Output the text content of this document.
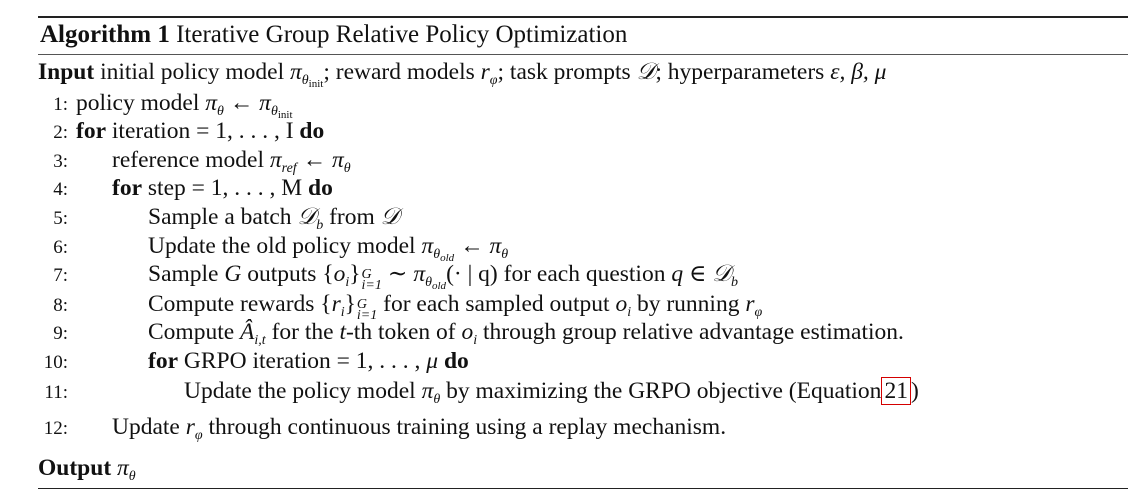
Algorithm 1 Iterative Group Relative Policy Optimization
Input initial policy model $\pi_{\theta_{init}}$; reward models $r_\varphi$; task prompts 𝒟; hyperparameters ε, β, μ
1: policy model $\pi_\theta$ ← $\pi_{\theta_{init}}$
2: for iteration = 1, . . . , I do
3: reference model $\pi_{ref}$ ← $\pi_\theta$
4: for step = 1, . . . , M do
5:	Sample a batch 𝒟$_b$ from 𝒟
6:	Update the old policy model $\pi_{\theta_{old}}$ ← $\pi_\theta$
7:	Sample G outputs $\{o_i\}$ G
i=1 ∼ $\pi_{\theta_{old}}(\cdot$ | q) for each question q ∈ 𝒟$_b$
8:	Compute rewards $\{r_i\}$ G
i=1 for each sampled output $o_i$ by running $r_\varphi$
9:	Compute $Â_{i,t}$ for the t-th token of $o_i$ through group relative advantage estimation.
10:	for GRPO iteration = 1, . . . , μ do
11:	Update the policy model $\pi_\theta$ by maximizing the GRPO objective (Equation 21 )
12: Update $r_\varphi$ through continuous training using a replay mechanism.
Output $\pi_\theta$
